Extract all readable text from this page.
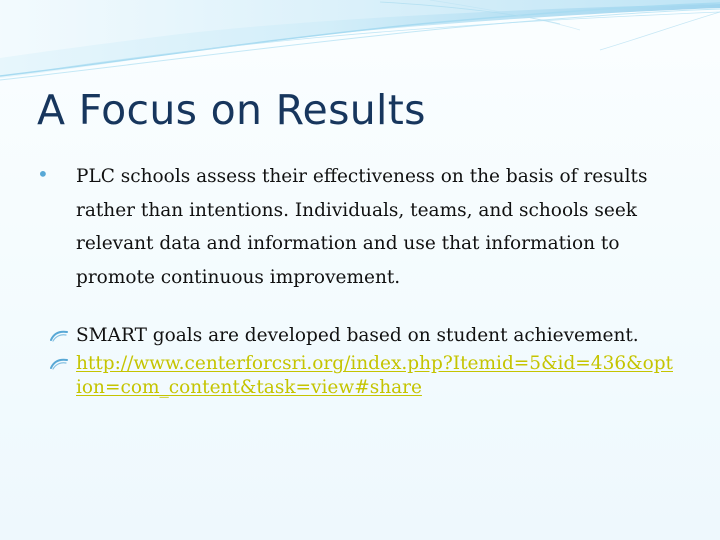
A Focus on Results
• PLC schools assess their effectiveness on the basis of results rather than intentions. Individuals, teams, and schools seek relevant data and information and use that information to promote continuous improvement.

SMART goals are developed based on student achievement.
http://www.centerforcsri.org/index.php?Itemid=5&id=436&option=com_content&task=view#share
